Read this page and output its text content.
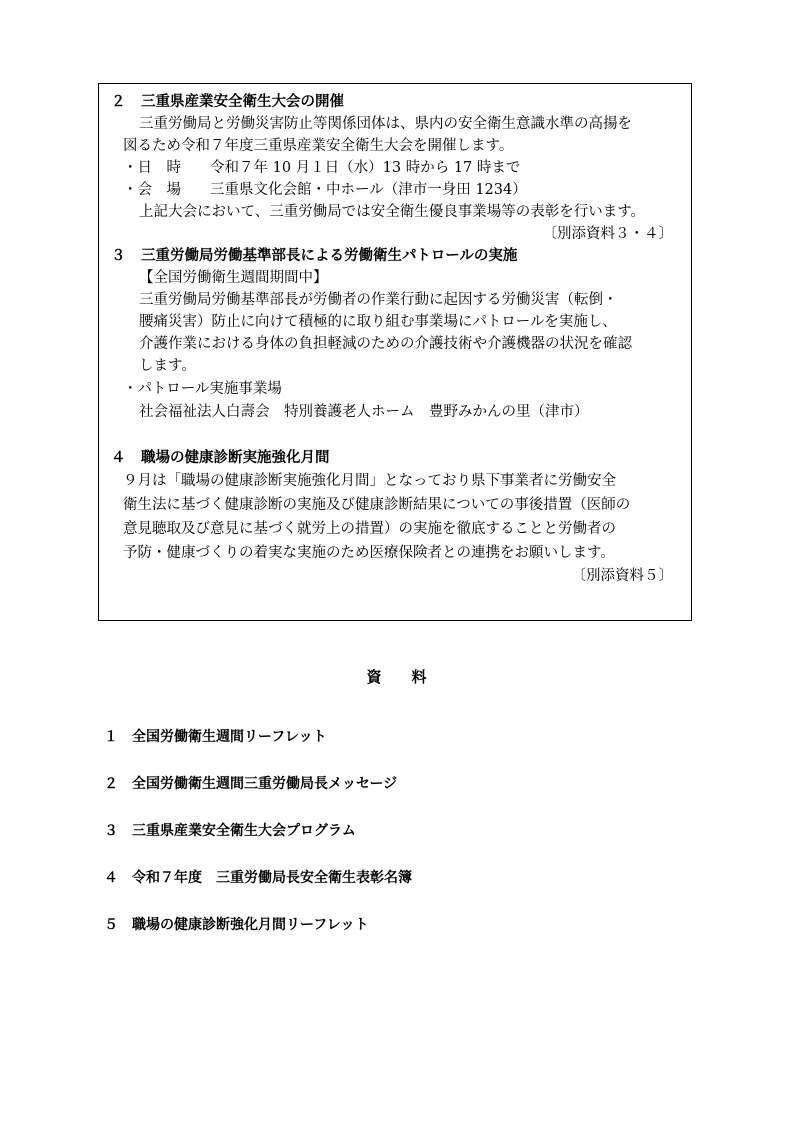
２ 三重県産業安全衛生大会の開催
三重労働局と労働災害防止等関係団体は、県内の安全衛生意識水準の高揚を
図るため令和７年度三重県産業安全衛生大会を開催します。
・日　時　　令和７年 10 月１日（水）13 時から 17 時まで
・会　場　　三重県文化会館・中ホール（津市一身田 1234）
上記大会において、三重労働局では安全衛生優良事業場等の表彰を行います。
〔別添資料３・４〕
３ 三重労働局労働基準部長による労働衛生パトロールの実施
【全国労働衛生週間期間中】
三重労働局労働基準部長が労働者の作業行動に起因する労働災害（転倒・
腰痛災害）防止に向けて積極的に取り組む事業場にパトロールを実施し、
介護作業における身体の負担軽減のための介護技術や介護機器の状況を確認
します。
・パトロール実施事業場
社会福祉法人白壽会　特別養護老人ホーム　豊野みかんの里（津市）
４ 職場の健康診断実施強化月間
９月は「職場の健康診断実施強化月間」となっており県下事業者に労働安全
衛生法に基づく健康診断の実施及び健康診断結果についての事後措置（医師の
意見聴取及び意見に基づく就労上の措置）の実施を徹底することと労働者の
予防・健康づくりの着実な実施のため医療保険者との連携をお願いします。
〔別添資料５〕
資料
１ 全国労働衛生週間リーフレット
２ 全国労働衛生週間三重労働局長メッセージ
３ 三重県産業安全衛生大会プログラム
４ 令和７年度　三重労働局長安全衛生表彰名簿
５ 職場の健康診断強化月間リーフレット
